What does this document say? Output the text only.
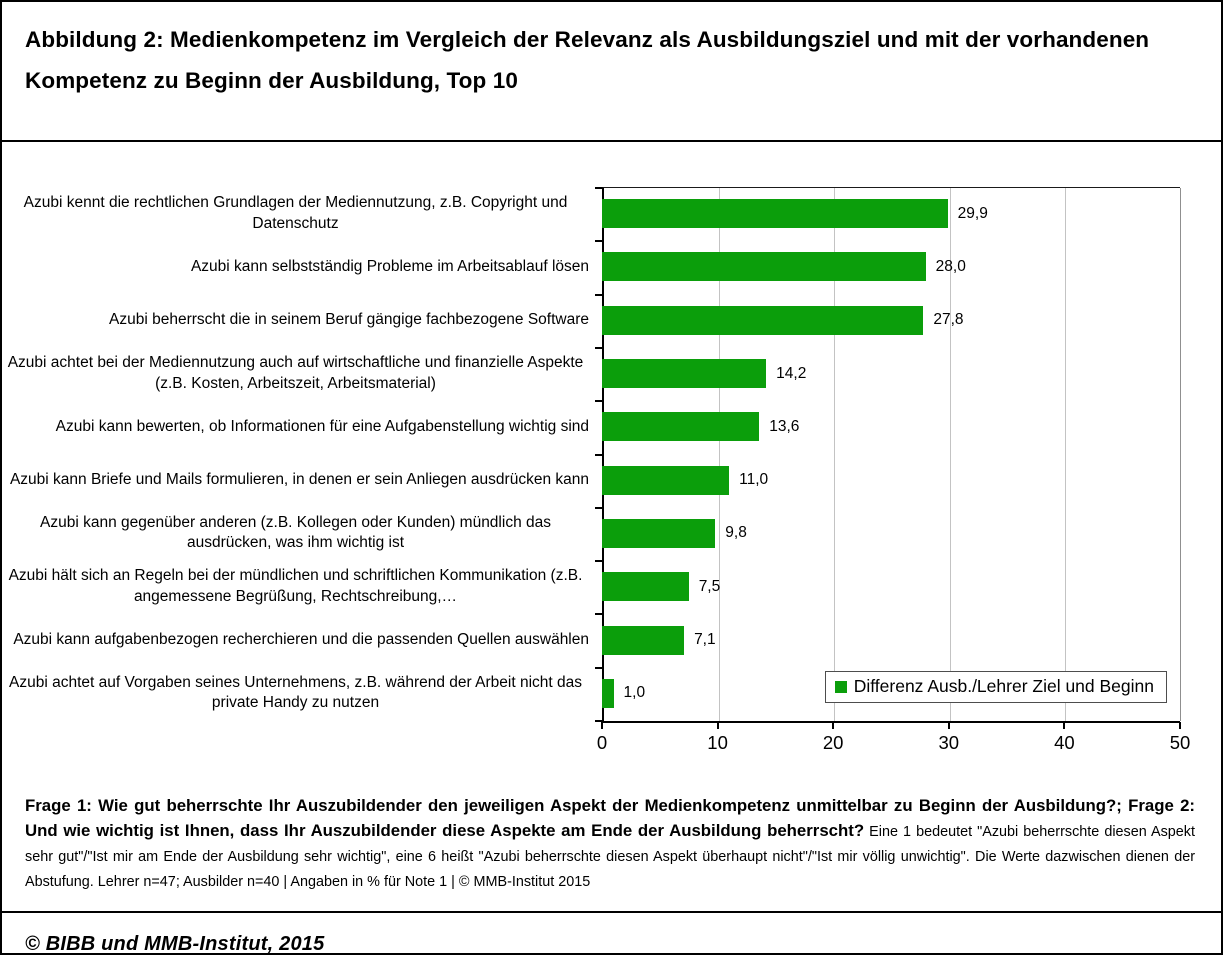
Abbildung 2: Medienkompetenz im Vergleich der Relevanz als Ausbildungsziel und mit der vorhandenen Kompetenz zu Beginn der Ausbildung, Top 10
Azubi kennt die rechtlichen Grundlagen der Mediennutzung, z.B. Copyright und Datenschutz
29,9
Azubi kann selbstständig Probleme im Arbeitsablauf lösen	28,0
Azubi beherrscht die in seinem Beruf gängige fachbezogene Software	27,8
Azubi achtet bei der Mediennutzung auch auf wirtschaftliche und finanzielle Aspekte (z.B. Kosten, Arbeitszeit, Arbeitsmaterial)
14,2
Azubi kann bewerten, ob Informationen für eine Aufgabenstellung wichtig sind	13,6
Azubi kann Briefe und Mails formulieren, in denen er sein Anliegen ausdrücken kann	11,0
Azubi kann gegenüber anderen (z.B. Kollegen oder Kunden) mündlich das ausdrücken, was ihm wichtig ist
9,8
Azubi hält sich an Regeln bei der mündlichen und schriftlichen Kommunikation (z.B. angemessene Begrüßung, Rechtschreibung,…
7,5
Azubi kann aufgabenbezogen recherchieren und die passenden Quellen auswählen	7,1
Azubi achtet auf Vorgaben seines Unternehmens, z.B. während der Arbeit nicht das private Handy zu nutzen
1,0
0	10	20	30	40	50
Differenz Ausb./Lehrer Ziel und Beginn
Frage 1: Wie gut beherrschte Ihr Auszubildender den jeweiligen Aspekt der Medienkompetenz unmittelbar zu Beginn der Ausbildung?; Frage 2: Und wie wichtig ist Ihnen, dass Ihr Auszubildender diese Aspekte am Ende der Ausbildung beherrscht? Eine 1 bedeutet "Azubi beherrschte diesen Aspekt sehr gut"/"Ist mir am Ende der Ausbildung sehr wichtig", eine 6 heißt "Azubi beherrschte diesen Aspekt überhaupt nicht"/"Ist mir völlig unwichtig". Die Werte dazwischen dienen der Abstufung. Lehrer n=47; Ausbilder n=40 | Angaben in % für Note 1 | © MMB-Institut 2015
© BIBB und MMB-Institut, 2015
